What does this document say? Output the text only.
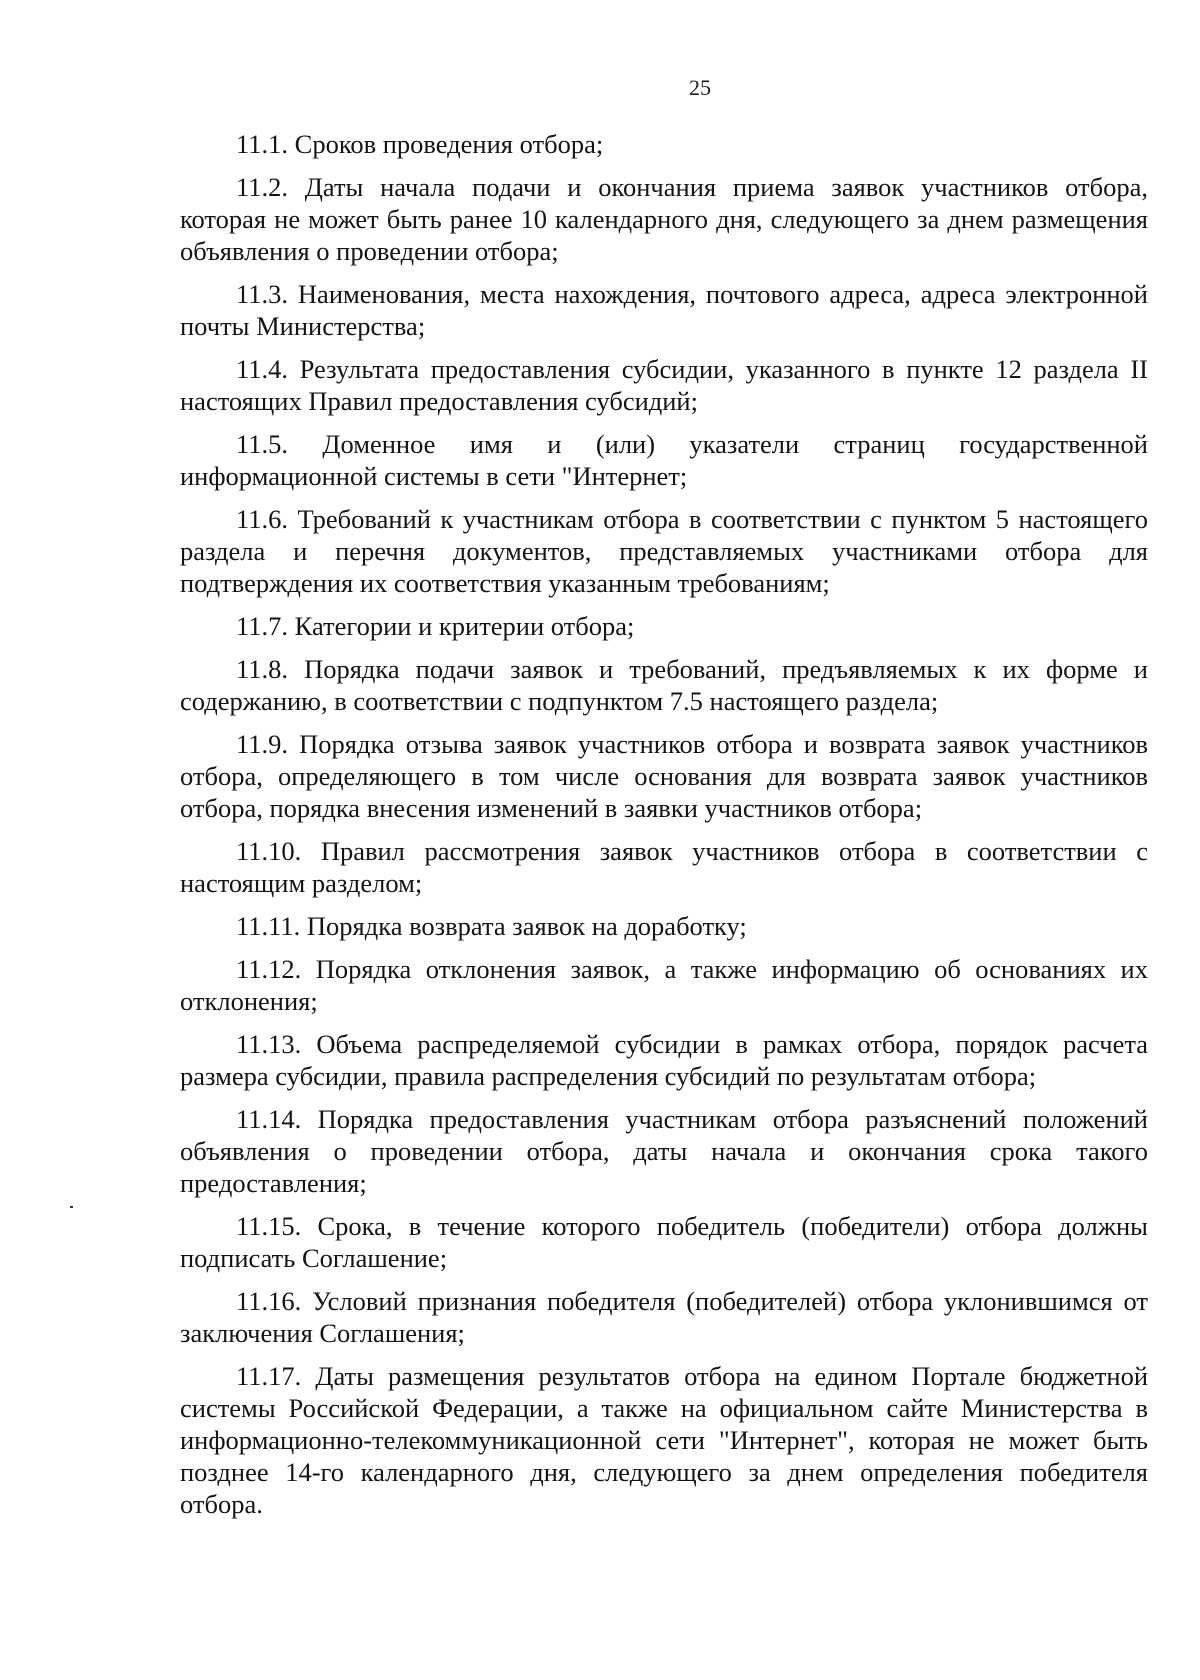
25

11.1. Сроков проведения отбора;

11.2. Даты начала подачи и окончания приема заявок участников отбора, которая не может быть ранее 10 календарного дня, следующего за днем размещения объявления о проведении отбора;

11.3. Наименования, места нахождения, почтового адреса, адреса электронной почты Министерства;

11.4. Результата предоставления субсидии, указанного в пункте 12 раздела II настоящих Правил предоставления субсидий;

11.5. Доменное имя и (или) указатели страниц государственной информационной системы в сети "Интернет;

11.6. Требований к участникам отбора в соответствии с пунктом 5 настоящего раздела и перечня документов, представляемых участниками отбора для подтверждения их соответствия указанным требованиям;

11.7. Категории и критерии отбора;

11.8. Порядка подачи заявок и требований, предъявляемых к их форме и содержанию, в соответствии с подпунктом 7.5 настоящего раздела;

11.9. Порядка отзыва заявок участников отбора и возврата заявок участников отбора, определяющего в том числе основания для возврата заявок участников отбора, порядка внесения изменений в заявки участников отбора;

11.10. Правил рассмотрения заявок участников отбора в соответствии с настоящим разделом;

11.11. Порядка возврата заявок на доработку;

11.12. Порядка отклонения заявок, а также информацию об основаниях их отклонения;

11.13. Объема распределяемой субсидии в рамках отбора, порядок расчета размера субсидии, правила распределения субсидий по результатам отбора;

11.14. Порядка предоставления участникам отбора разъяснений положений объявления о проведении отбора, даты начала и окончания срока такого предоставления;

11.15. Срока, в течение которого победитель (победители) отбора должны подписать Соглашение;

11.16. Условий признания победителя (победителей) отбора уклонившимся от заключения Соглашения;

11.17. Даты размещения результатов отбора на едином Портале бюджетной системы Российской Федерации, а также на официальном сайте Министерства в информационно-телекоммуникационной сети "Интернет", которая не может быть позднее 14-го календарного дня, следующего за днем определения победителя отбора.
